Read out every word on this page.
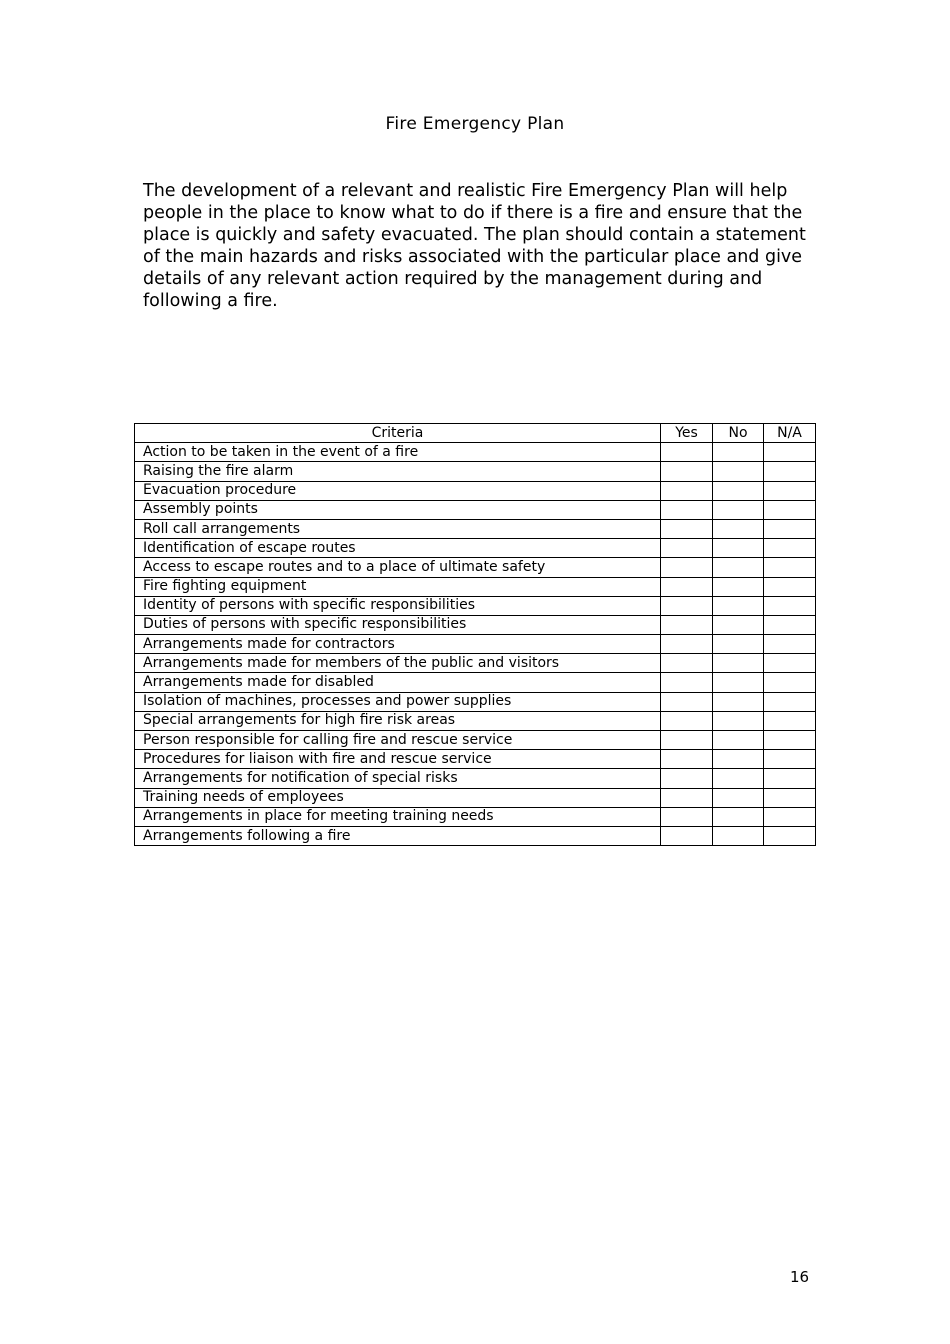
Fire Emergency Plan

The development of a relevant and realistic Fire Emergency Plan will help people in the place to know what to do if there is a fire and ensure that the place is quickly and safety evacuated. The plan should contain a statement of the main hazards and risks associated with the particular place and give details of any relevant action required by the management during and following a fire.

Criteria	Yes	No	N/A
Action to be taken in the event of a fire			
Raising the fire alarm			
Evacuation procedure			
Assembly points			
Roll call arrangements			
Identification of escape routes			
Access to escape routes and to a place of ultimate safety			
Fire fighting equipment			
Identity of persons with specific responsibilities			
Duties of persons with specific responsibilities			
Arrangements made for contractors			
Arrangements made for members of the public and visitors			
Arrangements made for disabled			
Isolation of machines, processes and power supplies			
Special arrangements for high fire risk areas			
Person responsible for calling fire and rescue service			
Procedures for liaison with fire and rescue service			
Arrangements for notification of special risks			
Training needs of employees			
Arrangements in place for meeting training needs			
Arrangements following a fire			
16
